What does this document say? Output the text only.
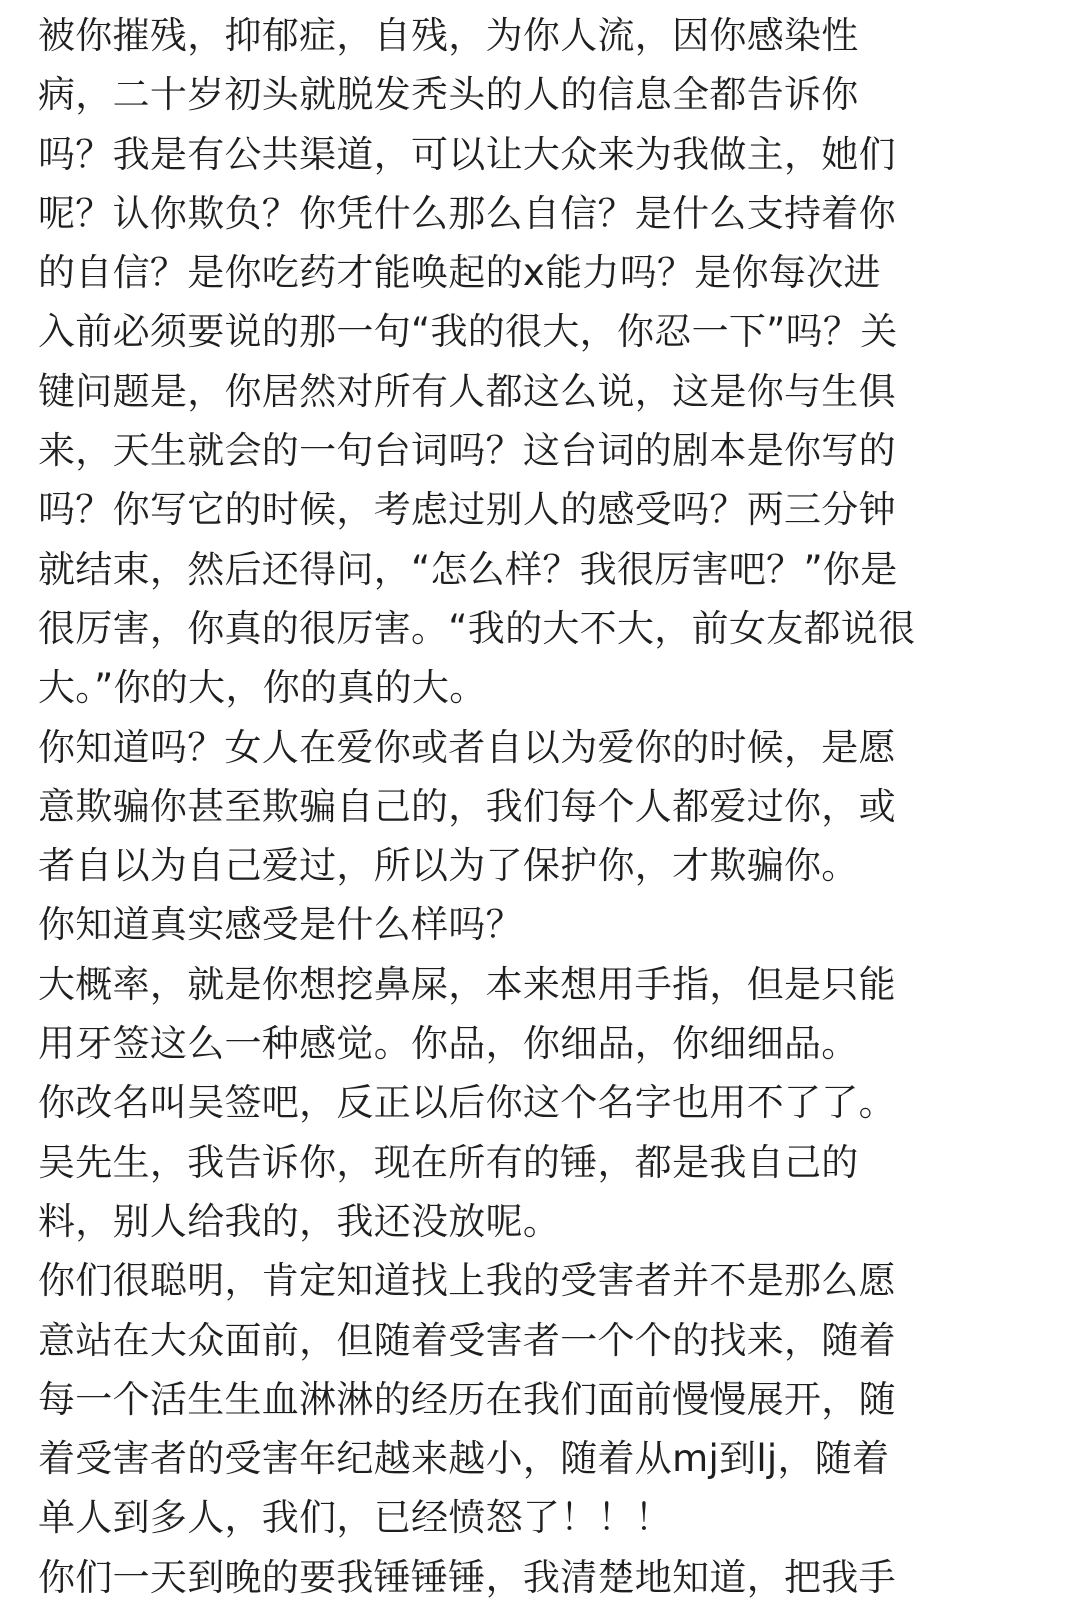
被你摧残，抑郁症，自残，为你人流，因你感染性
病，二十岁初头就脱发秃头的人的信息全都告诉你
吗？我是有公共渠道，可以让大众来为我做主，她们
呢？认你欺负？你凭什么那么自信？是什么支持着你
的自信？是你吃药才能唤起的x能力吗？是你每次进
入前必须要说的那一句“我的很大，你忍一下”吗？关
键问题是，你居然对所有人都这么说，这是你与生俱
来，天生就会的一句台词吗？这台词的剧本是你写的
吗？你写它的时候，考虑过别人的感受吗？两三分钟
就结束，然后还得问，“怎么样？我很厉害吧？”你是
很厉害，你真的很厉害。“我的大不大，前女友都说很
大。”你的大，你的真的大。
你知道吗？女人在爱你或者自以为爱你的时候，是愿
意欺骗你甚至欺骗自己的，我们每个人都爱过你，或
者自以为自己爱过，所以为了保护你，才欺骗你。
你知道真实感受是什么样吗？
大概率，就是你想挖鼻屎，本来想用手指，但是只能
用牙签这么一种感觉。你品，你细品，你细细品。
你改名叫吴签吧，反正以后你这个名字也用不了了。
吴先生，我告诉你，现在所有的锤，都是我自己的
料，别人给我的，我还没放呢。
你们很聪明，肯定知道找上我的受害者并不是那么愿
意站在大众面前，但随着受害者一个个的找来，随着
每一个活生生血淋淋的经历在我们面前慢慢展开，随
着受害者的受害年纪越来越小，随着从mj到lj，随着
单人到多人，我们，已经愤怒了！！！
你们一天到晚的要我锤锤锤，我清楚地知道，把我手
